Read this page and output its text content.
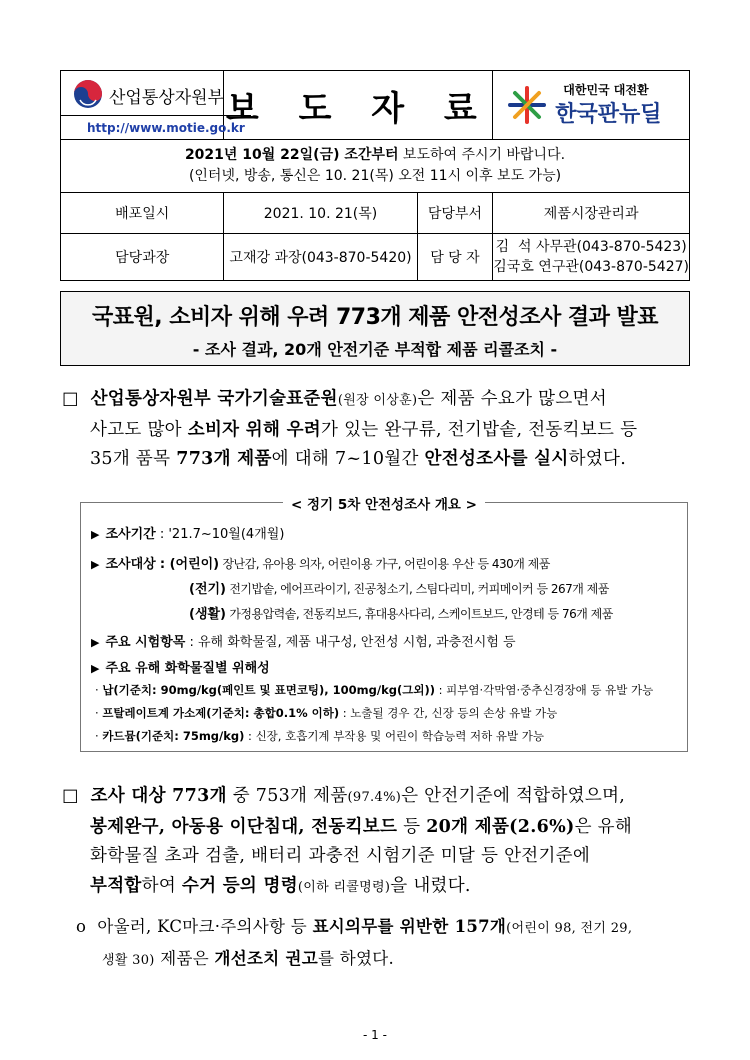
산업통상자원부
http://www.motie.go.kr	보 도 자 료		대한민국 대전환
한국판뉴딜

2021년 10월 22일(금) 조간부터 보도하여 주시기 바랍니다.
(인터넷, 방송, 통신은 10. 21(목) 오전 11시 이후 보도 가능)			

배포일시	2021. 10. 21(목)	담당부서	제품시장관리과
담당과장	고재강 과장(043-870-5420)	담 당 자	김  석 사무관(043-870-5423)
김국호 연구관(043-870-5427)
국표원, 소비자 위해 우려 773개 제품 안전성조사 결과 발표
- 조사 결과, 20개 안전기준 부적합 제품 리콜조치 -
□ 산업통상자원부 국가기술표준원(원장 이상훈)은 제품 수요가 많으면서
사고도 많아 소비자 위해 우려가 있는 완구류, 전기밥솥, 전동킥보드 등
35개 품목 773개 제품에 대해 7~10월간 안전성조사를 실시하였다.
< 정기 5차 안전성조사 개요 >
▶ 조사기간 : '21.7~10월(4개월)
▶ 조사대상 : (어린이) 장난감, 유아용 의자, 어린이용 가구, 어린이용 우산 등 430개 제품
(전기) 전기밥솥, 에어프라이기, 진공청소기, 스팀다리미, 커피메이커 등 267개 제품
(생활) 가정용압력솥, 전동킥보드, 휴대용사다리, 스케이트보드, 안경테 등 76개 제품
▶ 주요 시험항목 : 유해 화학물질, 제품 내구성, 안전성 시험, 과충전시험 등
▶ 주요 유해 화학물질별 위해성
· 납(기준치: 90mg/kg(페인트 및 표면코팅), 100mg/kg(그외)) : 피부염·각막염·중추신경장애 등 유발 가능
· 프탈레이트계 가소제(기준치: 총합0.1% 이하) : 노출될 경우 간, 신장 등의 손상 유발 가능
· 카드뮴(기준치: 75mg/kg) : 신장, 호흡기계 부작용 및 어린이 학습능력 저하 유발 가능
□ 조사 대상 773개 중 753개 제품(97.4%)은 안전기준에 적합하였으며,
봉제완구, 아동용 이단침대, 전동킥보드 등 20개 제품(2.6%)은 유해
화학물질 초과 검출, 배터리 과충전 시험기준 미달 등 안전기준에
부적합하여 수거 등의 명령(이하 리콜명령)을 내렸다.
ο 아울러, KC마크·주의사항 등 표시의무를 위반한 157개(어린이 98, 전기 29,
생활 30) 제품은 개선조치 권고를 하였다.
- 1 -
